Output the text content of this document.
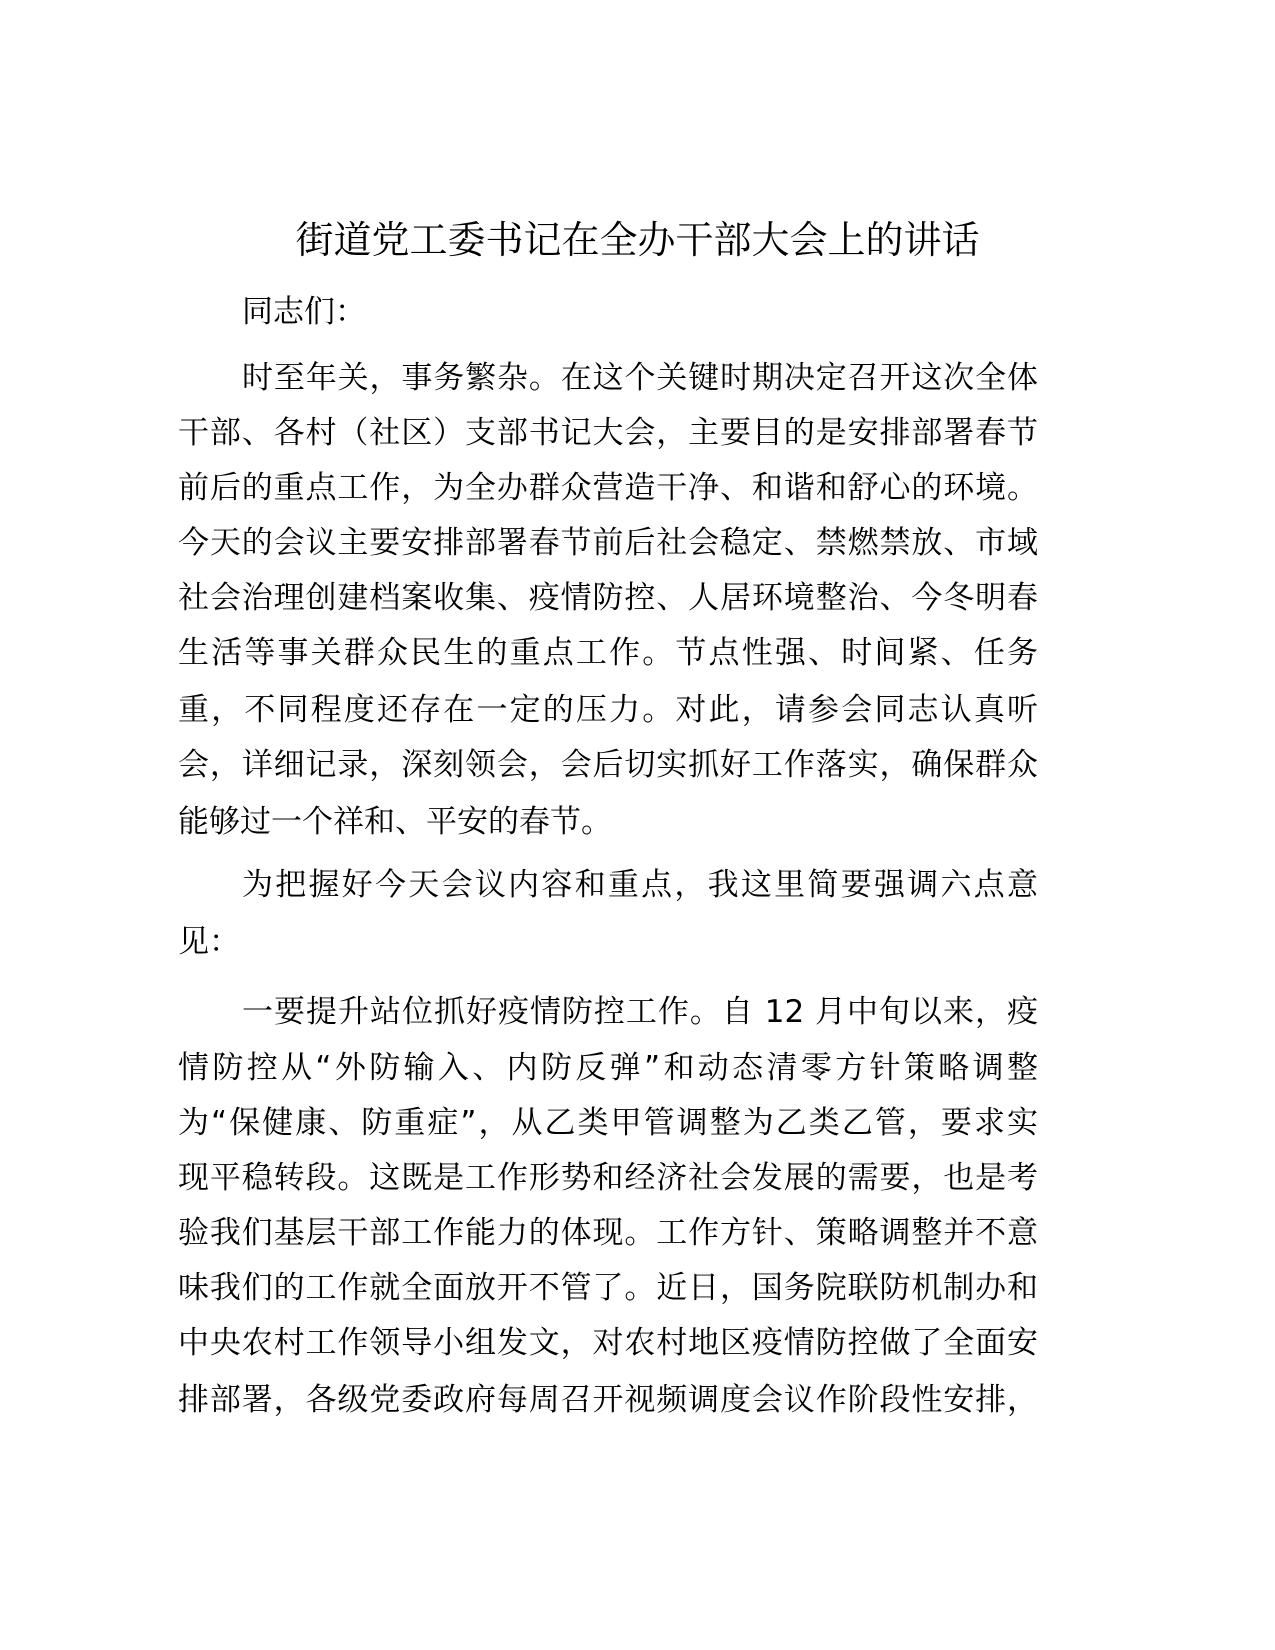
街道党工委书记在全办干部大会上的讲话
同志们：
时至年关，事务繁杂。在这个关键时期决定召开这次全体
干部、各村（社区）支部书记大会，主要目的是安排部署春节
前后的重点工作，为全办群众营造干净、和谐和舒心的环境。
今天的会议主要安排部署春节前后社会稳定、禁燃禁放、市域
社会治理创建档案收集、疫情防控、人居环境整治、今冬明春
生活等事关群众民生的重点工作。节点性强、时间紧、任务
重，不同程度还存在一定的压力。对此，请参会同志认真听
会，详细记录，深刻领会，会后切实抓好工作落实，确保群众
能够过一个祥和、平安的春节。
为把握好今天会议内容和重点，我这里简要强调六点意
见：
一要提升站位抓好疫情防控工作。自 12 月中旬以来，疫
情防控从“外防输入、内防反弹”和动态清零方针策略调整
为“保健康、防重症”，从乙类甲管调整为乙类乙管，要求实
现平稳转段。这既是工作形势和经济社会发展的需要，也是考
验我们基层干部工作能力的体现。工作方针、策略调整并不意
味我们的工作就全面放开不管了。近日，国务院联防机制办和
中央农村工作领导小组发文，对农村地区疫情防控做了全面安
排部署，各级党委政府每周召开视频调度会议作阶段性安排，
